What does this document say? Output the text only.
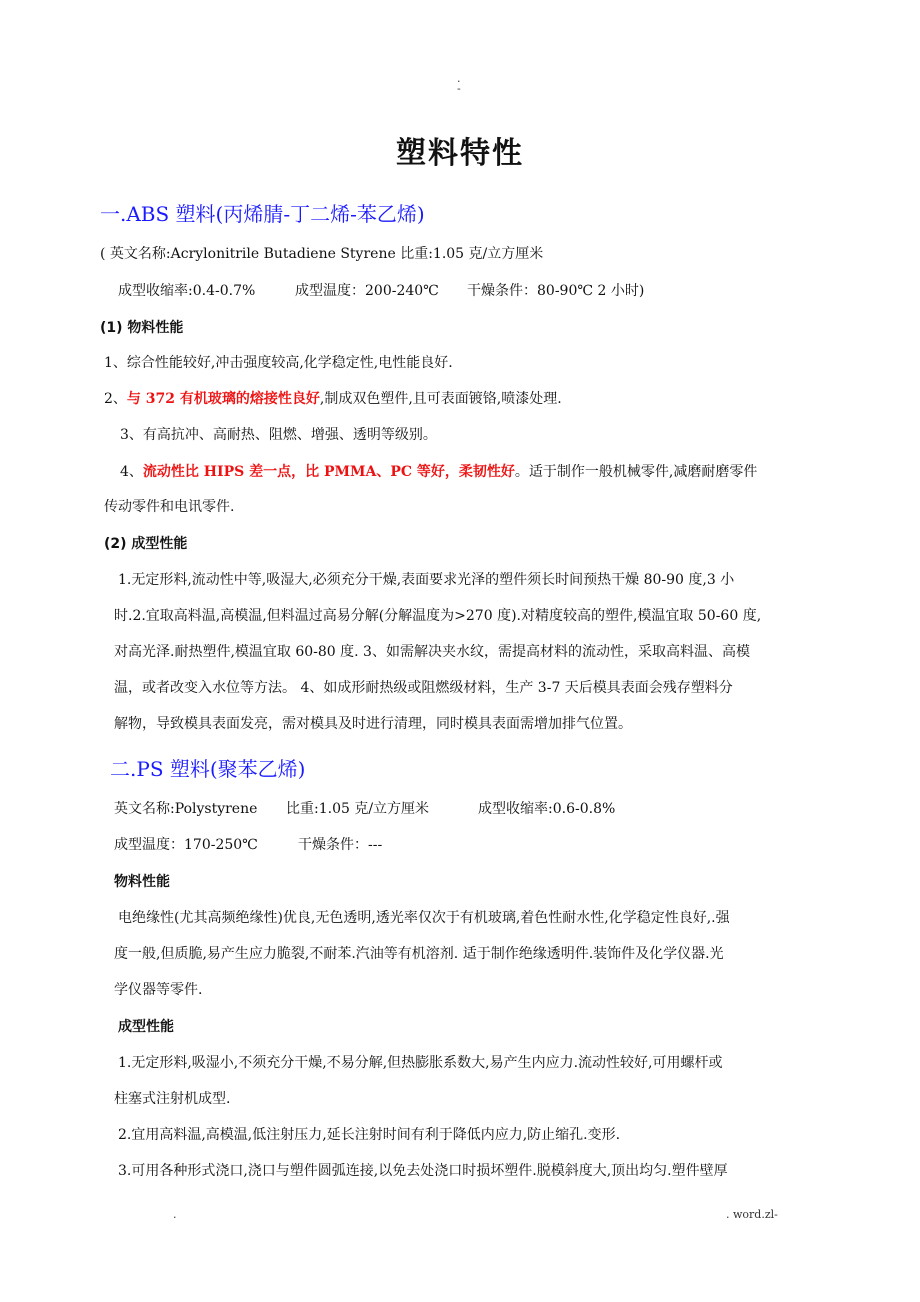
.
-
塑料特性
一.ABS 塑料(丙烯腈-丁二烯-苯乙烯)
( 英文名称:Acrylonitrile Butadiene Styrene 比重:1.05 克/立方厘米
成型收缩率:0.4-0.7%	成型温度：200-240℃ 干燥条件：80-90℃ 2 小时)
(1) 物料性能
1、综合性能较好,冲击强度较高,化学稳定性,电性能良好.
2、与 372 有机玻璃的熔接性良好,制成双色塑件,且可表面镀铬,喷漆处理.
3、有高抗冲、高耐热、阻燃、增强、透明等级别。
4、流动性比 HIPS 差一点，比 PMMA、PC 等好，柔韧性好。适于制作一般机械零件,减磨耐磨零件
传动零件和电讯零件.
(2) 成型性能
1.无定形料,流动性中等,吸湿大,必须充分干燥,表面要求光泽的塑件须长时间预热干燥 80-90 度,3 小
时.2.宜取高料温,高模温,但料温过高易分解(分解温度为>270 度).对精度较高的塑件,模温宜取 50-60 度,
对高光泽.耐热塑件,模温宜取 60-80 度. 3、如需解决夹水纹，需提高材料的流动性，采取高料温、高模
温，或者改变入水位等方法。 4、如成形耐热级或阻燃级材料，生产 3-7 天后模具表面会残存塑料分
解物，导致模具表面发亮，需对模具及时进行清理，同时模具表面需增加排气位置。
二.PS 塑料(聚苯乙烯)
英文名称:Polystyrene 比重:1.05 克/立方厘米	成型收缩率:0.6-0.8%
成型温度：170-250℃	干燥条件：---
物料性能
电绝缘性(尤其高频绝缘性)优良,无色透明,透光率仅次于有机玻璃,着色性耐水性,化学稳定性良好,.强
度一般,但质脆,易产生应力脆裂,不耐苯.汽油等有机溶剂. 适于制作绝缘透明件.装饰件及化学仪器.光
学仪器等零件.
成型性能
1.无定形料,吸湿小,不须充分干燥,不易分解,但热膨胀系数大,易产生内应力.流动性较好,可用螺杆或
柱塞式注射机成型.
2.宜用高料温,高模温,低注射压力,延长注射时间有利于降低内应力,防止缩孔.变形.
3.可用各种形式浇口,浇口与塑件圆弧连接,以免去处浇口时损坏塑件.脱模斜度大,顶出均匀.塑件壁厚
.	. word.zl-
